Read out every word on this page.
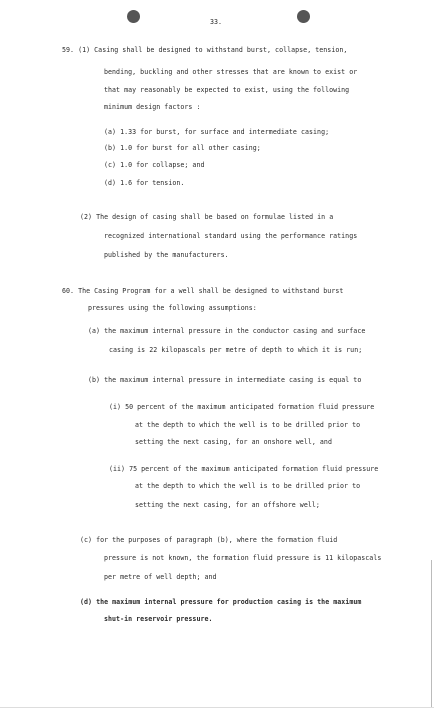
33.
59. (1) Casing shall be designed to withstand burst, collapse, tension,
bending, buckling and other stresses that are known to exist or
that may reasonably be expected to exist, using the following
minimum design factors :
(a) 1.33 for burst, for surface and intermediate casing;
(b) 1.0 for burst for all other casing;
(c) 1.0 for collapse; and
(d) 1.6 for tension.
(2) The design of casing shall be based on formulae listed in a
recognized international standard using the performance ratings
published by the manufacturers.
60. The Casing Program for a well shall be designed to withstand burst
pressures using the following assumptions:
(a) the maximum internal pressure in the conductor casing and surface
casing is 22 kilopascals per metre of depth to which it is run;
(b) the maximum internal pressure in intermediate casing is equal to
(i) 50 percent of the maximum anticipated formation fluid pressure
at the depth to which the well is to be drilled prior to
setting the next casing, for an onshore well, and
(ii) 75 percent of the maximum anticipated formation fluid pressure
at the depth to which the well is to be drilled prior to
setting the next casing, for an offshore well;
(c) for the purposes of paragraph (b), where the formation fluid
pressure is not known, the formation fluid pressure is 11 kilopascals
per metre of well depth; and
(d) the maximum internal pressure for production casing is the maximum
shut-in reservoir pressure.
